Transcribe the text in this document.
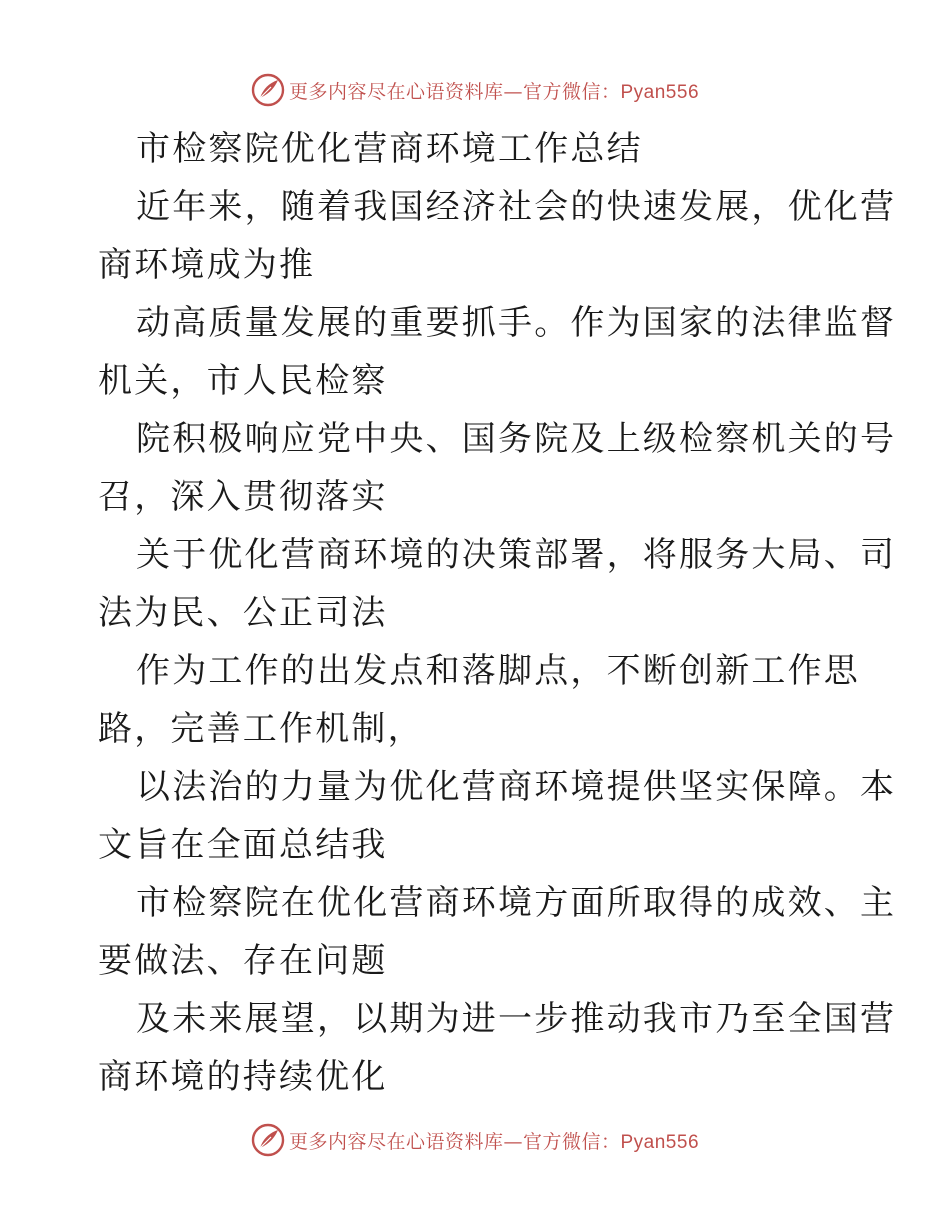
更多内容尽在心语资料库—官方微信：Pyan556
市检察院优化营商环境工作总结
近年来，随着我国经济社会的快速发展，优化营
商环境成为推
动高质量发展的重要抓手。作为国家的法律监督
机关，市人民检察
院积极响应党中央、国务院及上级检察机关的号
召，深入贯彻落实
关于优化营商环境的决策部署，将服务大局、司
法为民、公正司法
作为工作的出发点和落脚点，不断创新工作思
路，完善工作机制，
以法治的力量为优化营商环境提供坚实保障。本
文旨在全面总结我
市检察院在优化营商环境方面所取得的成效、主
要做法、存在问题
及未来展望，以期为进一步推动我市乃至全国营
商环境的持续优化
更多内容尽在心语资料库—官方微信：Pyan556
